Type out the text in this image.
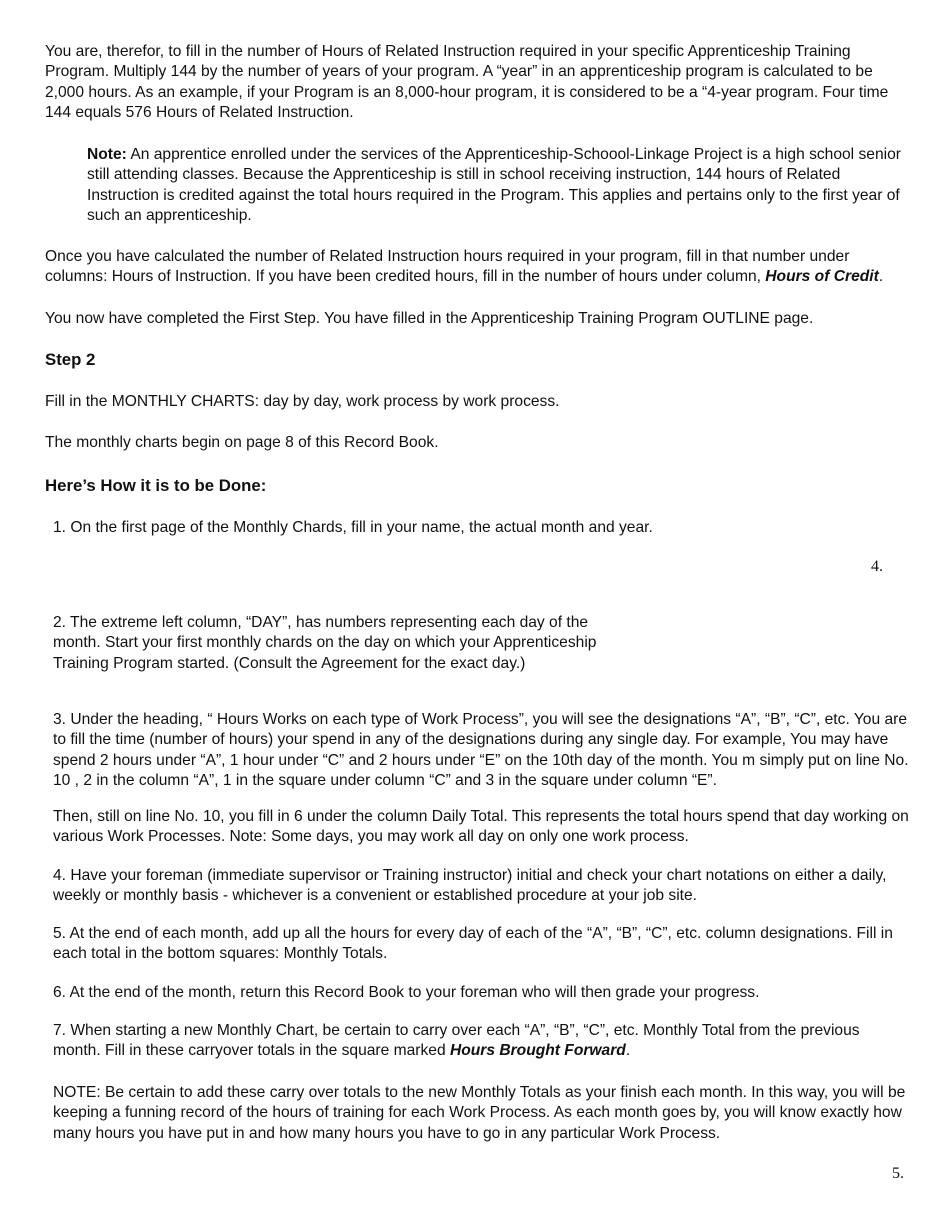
You are, therefor, to fill in the number of Hours of Related Instruction required in your specific Apprenticeship Training Program. Multiply 144 by the number of years of your program. A “year” in an apprenticeship program is calculated to be 2,000 hours. As an example, if your Program is an 8,000-hour program, it is considered to be a “4-year program. Four time 144 equals 576 Hours of Related Instruction.

Note: An apprentice enrolled under the services of the Apprenticeship-Schoool-Linkage Project is a high school senior still attending classes. Because the Apprenticeship is still in school receiving instruction, 144 hours of Related Instruction is credited against the total hours required in the Program. This applies and pertains only to the first year of such an apprenticeship.

Once you have calculated the number of Related Instruction hours required in your program, fill in that number under columns: Hours of Instruction. If you have been credited hours, fill in the number of hours under column, Hours of Credit.

You now have completed the First Step. You have filled in the Apprenticeship Training Program OUTLINE page.

Step 2

Fill in the MONTHLY CHARTS: day by day, work process by work process.

The monthly charts begin on page 8 of this Record Book.

Here’s How it is to be Done:

1. On the first page of the Monthly Chards, fill in your name, the actual month and year.

4.

2. The extreme left column, “DAY”, has numbers representing each day of the month. Start your first monthly chards on the day on which your Apprenticeship Training Program started. (Consult the Agreement for the exact day.)

3. Under the heading, “ Hours Works on each type of Work Process”, you will see the designations “A”, “B”, “C”, etc. You are to fill the time (number of hours) your spend in any of the designations during any single day. For example, You may have spend 2 hours under “A”, 1 hour under “C” and 2 hours under “E” on the 10th day of the month. You m simply put on line No. 10 , 2 in the column “A”, 1 in the square under column “C” and 3 in the square under column “E”.

Then, still on line No. 10, you fill in 6 under the column Daily Total. This represents the total hours spend that day working on various Work Processes. Note: Some days, you may work all day on only one work process.

4. Have your foreman (immediate supervisor or Training instructor) initial and check your chart notations on either a daily, weekly or monthly basis - whichever is a convenient or established procedure at your job site.

5. At the end of each month, add up all the hours for every day of each of the “A”, “B”, “C”, etc. column designations. Fill in each total in the bottom squares: Monthly Totals.

6. At the end of the month, return this Record Book to your foreman who will then grade your progress.

7. When starting a new Monthly Chart, be certain to carry over each “A”, “B”, “C”, etc. Monthly Total from the previous month. Fill in these carryover totals in the square marked Hours Brought Forward.

NOTE: Be certain to add these carry over totals to the new Monthly Totals as your finish each month. In this way, you will be keeping a funning record of the hours of training for each Work Process. As each month goes by, you will know exactly how many hours you have put in and how many hours you have to go in any particular Work Process.

5.
